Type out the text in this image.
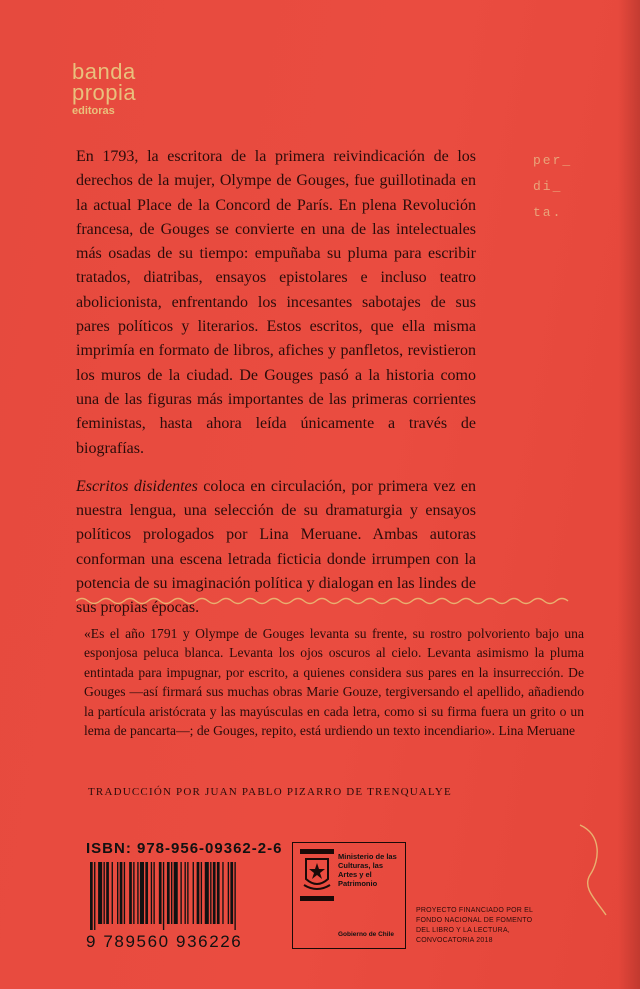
banda
propia
editoras
per_
di_
ta.

En 1793, la escritora de la primera reivindicación de los derechos de la mujer, Olympe de Gouges, fue guillotinada en la actual Place de la Concord de París. En plena Revolución francesa, de Gouges se convierte en una de las intelectuales más osadas de su tiempo: empuñaba su pluma para escribir tratados, diatribas, ensayos epistolares e incluso teatro abolicionista, enfrentando los incesantes sabotajes de sus pares políticos y literarios. Estos escritos, que ella misma imprimía en formato de libros, afiches y panfletos, revistieron los muros de la ciudad. De Gouges pasó a la historia como una de las figuras más importantes de las primeras corrientes feministas, hasta ahora leída únicamente a través de biografías.

Escritos disidentes coloca en circulación, por primera vez en nuestra lengua, una selección de su dramaturgia y ensayos políticos prologados por Lina Meruane. Ambas autoras conforman una escena letrada ficticia donde irrumpen con la potencia de su imaginación política y dialogan en las lindes de sus propias épocas.

«Es el año 1791 y Olympe de Gouges levanta su frente, su rostro polvoriento bajo una esponjosa peluca blanca. Levanta los ojos oscuros al cielo. Levanta asimismo la pluma entintada para impugnar, por escrito, a quienes considera sus pares en la insurrección. De Gouges —así firmará sus muchas obras Marie Gouze, tergiversando el apellido, añadiendo la partícula aristócrata y las mayúsculas en cada letra, como si su firma fuera un grito o un lema de pancarta—; de Gouges, repito, está urdiendo un texto incendiario». Lina Meruane
TRADUCCIÓN POR JUAN PABLO PIZARRO DE TRENQUALYE
ISBN: 978-956-09362-2-6
9 789560 936226
Ministerio de las Culturas, las Artes y el Patrimonio
Gobierno de Chile
PROYECTO FINANCIADO POR EL FONDO NACIONAL DE FOMENTO DEL LIBRO Y LA LECTURA, CONVOCATORIA 2018
